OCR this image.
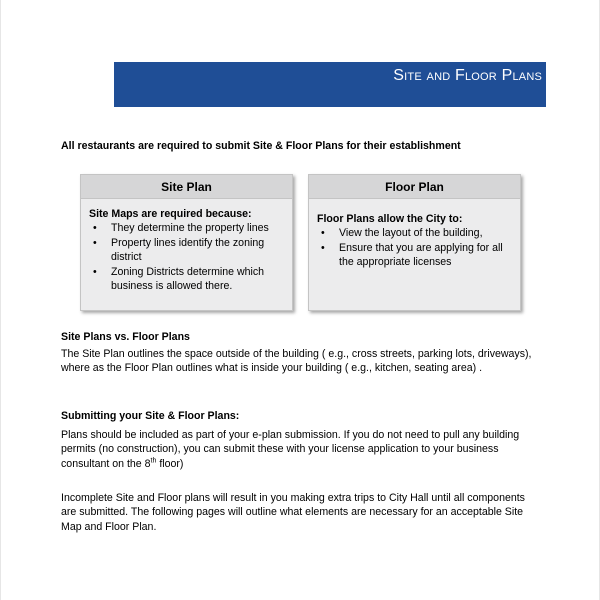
Site and Floor Plans
All restaurants are required to submit Site & Floor Plans for their establishment
Site Plan
Site Maps are required because:
• They determine the property lines
• Property lines identify the zoning district
• Zoning Districts determine which business is allowed there.
Floor Plan
Floor Plans allow the City to:
• View the layout of the building,
• Ensure that you are applying for all the appropriate licenses
Site Plans vs. Floor Plans
The Site Plan outlines the space outside of the building ( e.g., cross streets, parking lots, driveways), where as the Floor Plan outlines what is inside your building ( e.g., kitchen, seating area) .
Submitting your Site & Floor Plans:
Plans should be included as part of your e-plan submission. If you do not need to pull any building permits (no construction), you can submit these with your license application to your business consultant on the 8th floor)
Incomplete Site and Floor plans will result in you making extra trips to City Hall until all components are submitted. The following pages will outline what elements are necessary for an acceptable Site Map and Floor Plan.
